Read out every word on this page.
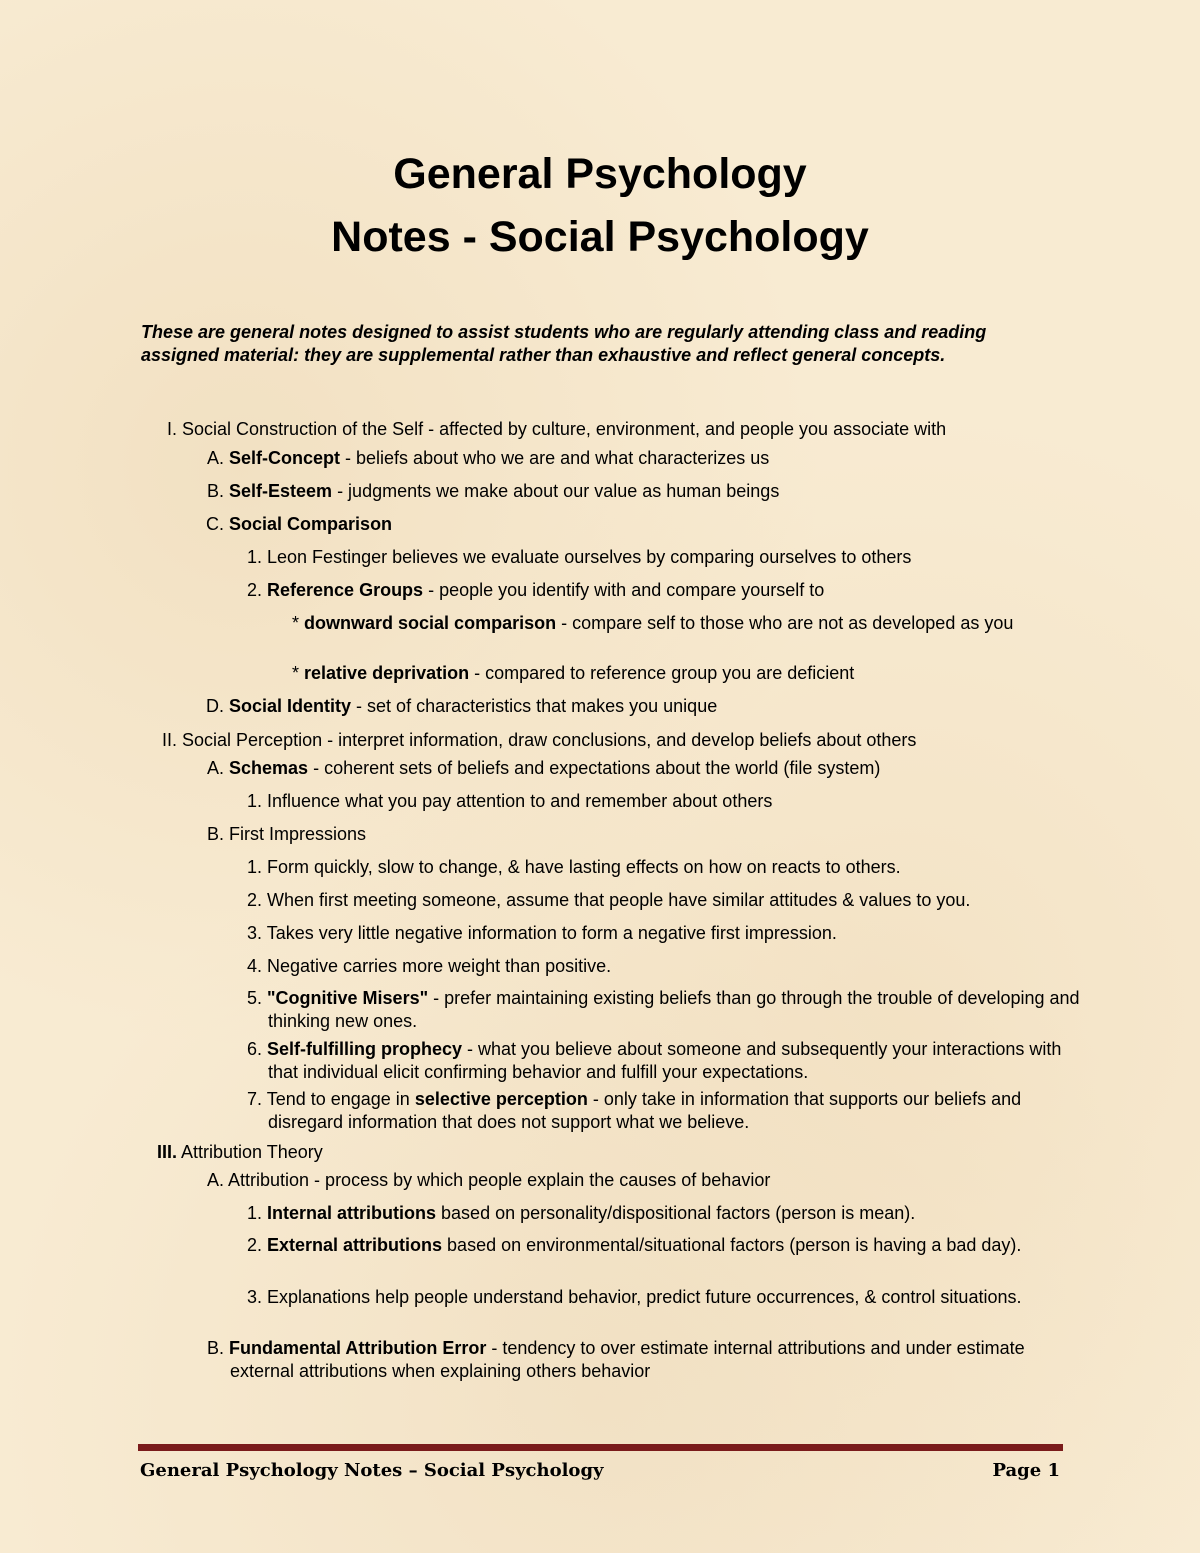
General Psychology
Notes - Social Psychology
These are general notes designed to assist students who are regularly attending class and reading assigned material: they are supplemental rather than exhaustive and reflect general concepts.
I. Social Construction of the Self - affected by culture, environment, and people you associate with
A. Self-Concept - beliefs about who we are and what characterizes us
B. Self-Esteem - judgments we make about our value as human beings
C. Social Comparison
1. Leon Festinger believes we evaluate ourselves by comparing ourselves to others
2. Reference Groups - people you identify with and compare yourself to
* downward social comparison - compare self to those who are not as developed as you
* relative deprivation - compared to reference group you are deficient
D. Social Identity - set of characteristics that makes you unique
II. Social Perception - interpret information, draw conclusions, and develop beliefs about others
A. Schemas - coherent sets of beliefs and expectations about the world (file system)
1. Influence what you pay attention to and remember about others
B. First Impressions
1. Form quickly, slow to change, & have lasting effects on how on reacts to others.
2. When first meeting someone, assume that people have similar attitudes & values to you.
3. Takes very little negative information to form a negative first impression.
4. Negative carries more weight than positive.
5. "Cognitive Misers" - prefer maintaining existing beliefs than go through the trouble of developing and thinking new ones.
6. Self-fulfilling prophecy - what you believe about someone and subsequently your interactions with that individual elicit confirming behavior and fulfill your expectations.
7. Tend to engage in selective perception - only take in information that supports our beliefs and disregard information that does not support what we believe.
III. Attribution Theory
A. Attribution - process by which people explain the causes of behavior
1. Internal attributions based on personality/dispositional factors (person is mean).
2. External attributions based on environmental/situational factors (person is having a bad day).
3. Explanations help people understand behavior, predict future occurrences, & control situations.
B. Fundamental Attribution Error - tendency to over estimate internal attributions and under estimate external attributions when explaining others behavior
General Psychology Notes – Social Psychology	Page 1
